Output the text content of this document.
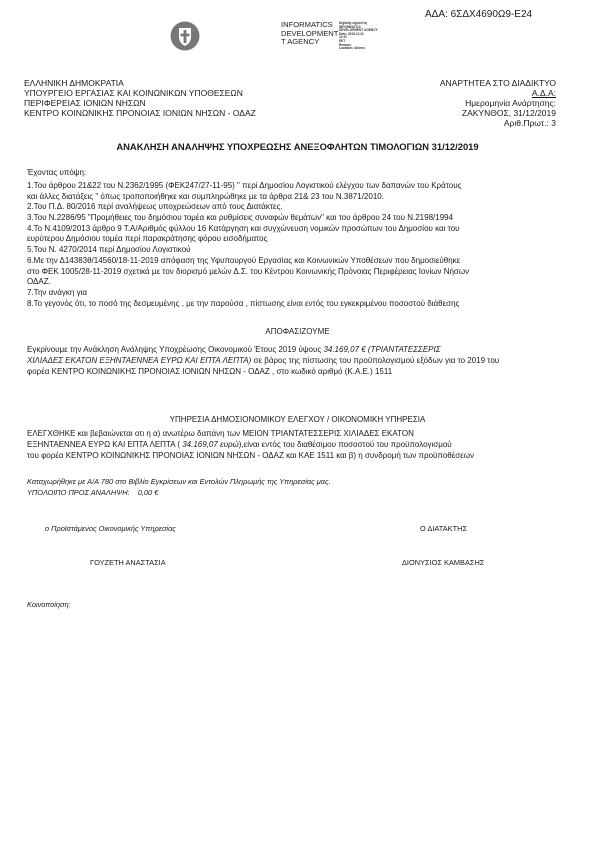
ΑΔΑ: 6ΣΔΧ4690Ω9-Ε24
INFORMATICS
DEVELOPMENT
T AGENCY
Digitally signed by
INFORMATICS
DEVELOPMENT AGENCY
Date: 2019.12.31
12:57
EET
Reason:
Location: Athens
ΕΛΛΗΝΙΚΗ ΔΗΜΟΚΡΑΤΙΑ
ΥΠΟΥΡΓΕΙΟ ΕΡΓΑΣΙΑΣ ΚΑΙ ΚΟΙΝΩΝΙΚΩΝ ΥΠΟΘΕΣΕΩΝ
ΠΕΡΙΦΕΡΕΙΑΣ ΙΟΝΙΩΝ ΝΗΣΩΝ
ΚΕΝΤΡΟ ΚΟΙΝΩΝΙΚΗΣ ΠΡΟΝΟΙΑΣ ΙΟΝΙΩΝ ΝΗΣΩΝ - ΟΔΑΖ
ΑΝΑΡΤΗΤΕΑ ΣΤΟ ΔΙΑΔΙΚΤΥΟ
Α.Δ.Α:
Ημερομηνία Ανάρτησης:
ΖΑΚΥΝΘΟΣ, 31/12/2019
Αριθ.Πρωτ.: 3
ΑΝΑΚΛΗΣΗ ΑΝΑΛΗΨΗΣ ΥΠΟΧΡΕΩΣΗΣ ΑΝΕΞΟΦΛΗΤΩΝ ΤΙΜΟΛΟΓΙΩΝ 31/12/2019
Έχοντας υπόψη:
1.Του άρθρου 21&22 του Ν.2362/1995 (ΦΕΚ247/27-11-95) " περί Δημοσίου Λογιστικού ελέγχου των δαπανών του Κράτους
και άλλες διατάξεις " όπως τροποποιήθηκε και συμπληρώθηκε με τα άρθρα 21& 23 του Ν.3871/2010.
2.Του Π.Δ. 80/2016 περί αναλήψεως υποχρεώσεων από τους Διατάκτες.
3.Του Ν.2286/95 "Προμήθειες του δημόσιου τομέα και ρυθμίσεις συναφών θεμάτων" και του άρθρου 24 του Ν.2198/1994
4.Το Ν.4109/2013 άρθρο 9 Τ.Α/Αριθμός φύλλου 16 Κατάργηση και συγχώνευση νομικών προσώπων του Δημοσίου και του
ευρύτερου Δημόσιου τομέα περί παρακράτησης φόρου εισοδήματος
5.Του Ν. 4270/2014 περί Δημοσίου Λογιστικού
6.Με την Δ14383θ/14560/18-11-2019 απόφαση της Υφυπουργού Εργασίας και Κοινωνικών Υποθέσεων που δημοσιεύθηκε
στο ΦΕΚ 1005/28-11-2019 σχετικά με τον διορισμό μελών Δ.Σ. του Κέντρου Κοινωνικής Πρόνοιας Περιφέρειας Ιονίων Νήσων
ΟΔΑΖ.
7.Την ανάγκη για
8.Το γεγονός ότι, το ποσό της δεσμευμένης , με την παρούσα , πίστωσης είναι εντός του εγκεκριμένου ποσοστού διάθεσης
ΑΠΟΦΑΣΙΖΟΥΜΕ
Εγκρίνουμε την Ανάκληση Ανάληψης Υποχρέωσης Οικονομικού Έτους 2019 ύψους 34.169,07 € (ΤΡΙΑΝΤΑΤΕΣΣΕΡΙΣ
ΧΙΛΙΑΔΕΣ ΕΚΑΤΟΝ ΕΞΗΝΤΑΕΝΝΕΑ ΕΥΡΩ ΚΑΙ ΕΠΤΑ ΛΕΠΤΑ) σε βάρος της πίστωσης του προϋπολογισμού εξόδων για το 2019 του
φορέα ΚΕΝΤΡΟ ΚΟΙΝΩΝΙΚΗΣ ΠΡΟΝΟΙΑΣ ΙΟΝΙΩΝ ΝΗΣΩΝ - ΟΔΑΖ , στο κωδικό αριθμό (Κ.Α.Ε.) 1511
ΥΠΗΡΕΣΙΑ ΔΗΜΟΣΙΟΝΟΜΙΚΟΥ ΕΛΕΓΧΟΥ / ΟΙΚΟΝΟΜΙΚΗ ΥΠΗΡΕΣΙΑ
ΕΛΕΓΧΘΗΚΕ και βεβαιώνεται οτι η α) ανωτέρω δαπάνη των ΜΕΙΟΝ ΤΡΙΑΝΤΑΤΕΣΣΕΡΙΣ ΧΙΛΙΑΔΕΣ ΕΚΑΤΟΝ
ΕΞΗΝΤΑΕΝΝΕΑ ΕΥΡΩ ΚΑΙ ΕΠΤΑ ΛΕΠΤΑ ( 34.169,07 ευρώ),είναι εντός του διαθέσιμου ποσοστού του προϋπολογισμού
του φορέα ΚΕΝΤΡΟ ΚΟΙΝΩΝΙΚΗΣ ΠΡΟΝΟΙΑΣ ΙΟΝΙΩΝ ΝΗΣΩΝ - ΟΔΑΖ και ΚΑΕ 1511 και β) η συνδρομή των προϋποθέσεων
Καταχωρήθηκε με Α/Α 780 στο Βιβλίο Εγκρίσεων και Εντολών Πληρωμής της Υπηρεσίας μας.
ΥΠΟΛΟΙΠΟ ΠΡΟΣ ΑΝΑΛΗΨΗ: 0,00 €
ο Προϊστάμενος Οικονομικής Υπηρεσίας	Ο ΔΙΑΤΑΚΤΗΣ
ΓΟΥΖΕΤΗ ΑΝΑΣΤΑΣΙΑ	ΔΙΟΝΥΣΙΟΣ ΚΑΜΒΑΣΗΣ
Κοινοποίηση:
